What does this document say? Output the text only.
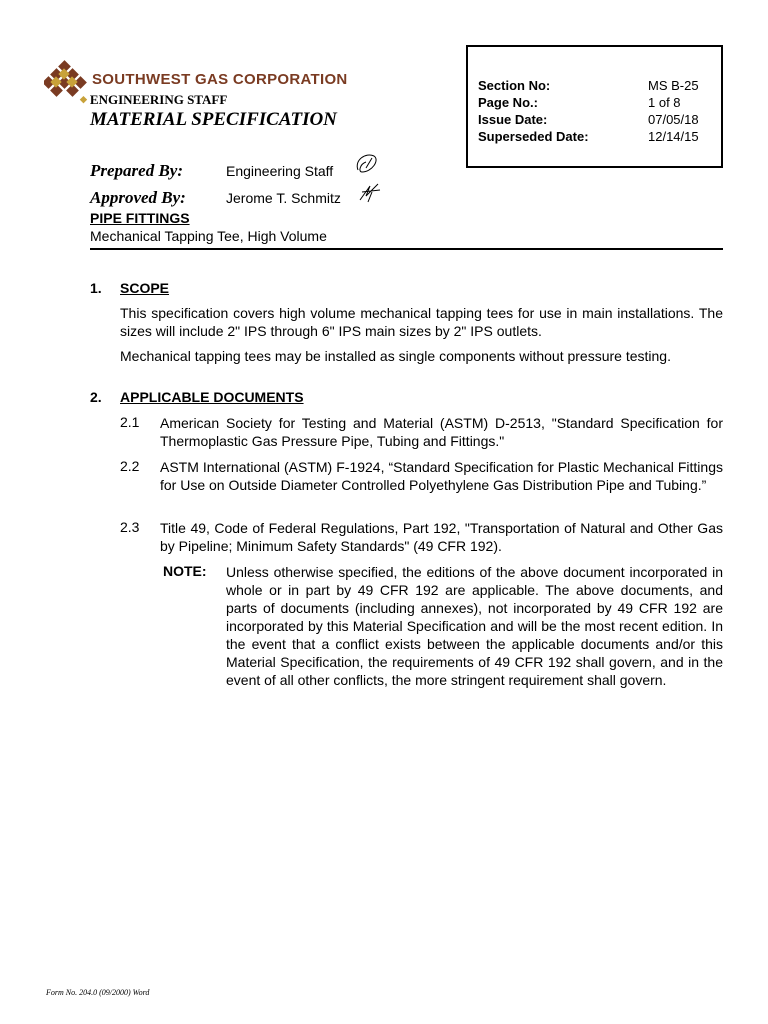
SOUTHWEST GAS CORPORATION
◆ ENGINEERING STAFF
MATERIAL SPECIFICATION
Section No:	MS B-25
Page No.:	1 of 8
Issue Date:	07/05/18
Superseded Date:	12/14/15
Prepared By:	Engineering Staff
Approved By:	Jerome T. Schmitz
PIPE FITTINGS
Mechanical Tapping Tee, High Volume
1. SCOPE
This specification covers high volume mechanical tapping tees for use in main installations. The sizes will include 2" IPS through 6" IPS main sizes by 2" IPS outlets.
Mechanical tapping tees may be installed as single components without pressure testing.
2. APPLICABLE DOCUMENTS
2.1 American Society for Testing and Material (ASTM) D-2513, "Standard Specification for Thermoplastic Gas Pressure Pipe, Tubing and Fittings."
2.2 ASTM International (ASTM) F-1924, “Standard Specification for Plastic Mechanical Fittings for Use on Outside Diameter Controlled Polyethylene Gas Distribution Pipe and Tubing.”
2.3 Title 49, Code of Federal Regulations, Part 192, "Transportation of Natural and Other Gas by Pipeline; Minimum Safety Standards" (49 CFR 192).
NOTE: Unless otherwise specified, the editions of the above document incorporated in whole or in part by 49 CFR 192 are applicable. The above documents, and parts of documents (including annexes), not incorporated by 49 CFR 192 are incorporated by this Material Specification and will be the most recent edition. In the event that a conflict exists between the applicable documents and/or this Material Specification, the requirements of 49 CFR 192 shall govern, and in the event of all other conflicts, the more stringent requirement shall govern.
Form No. 204.0 (09/2000) Word
